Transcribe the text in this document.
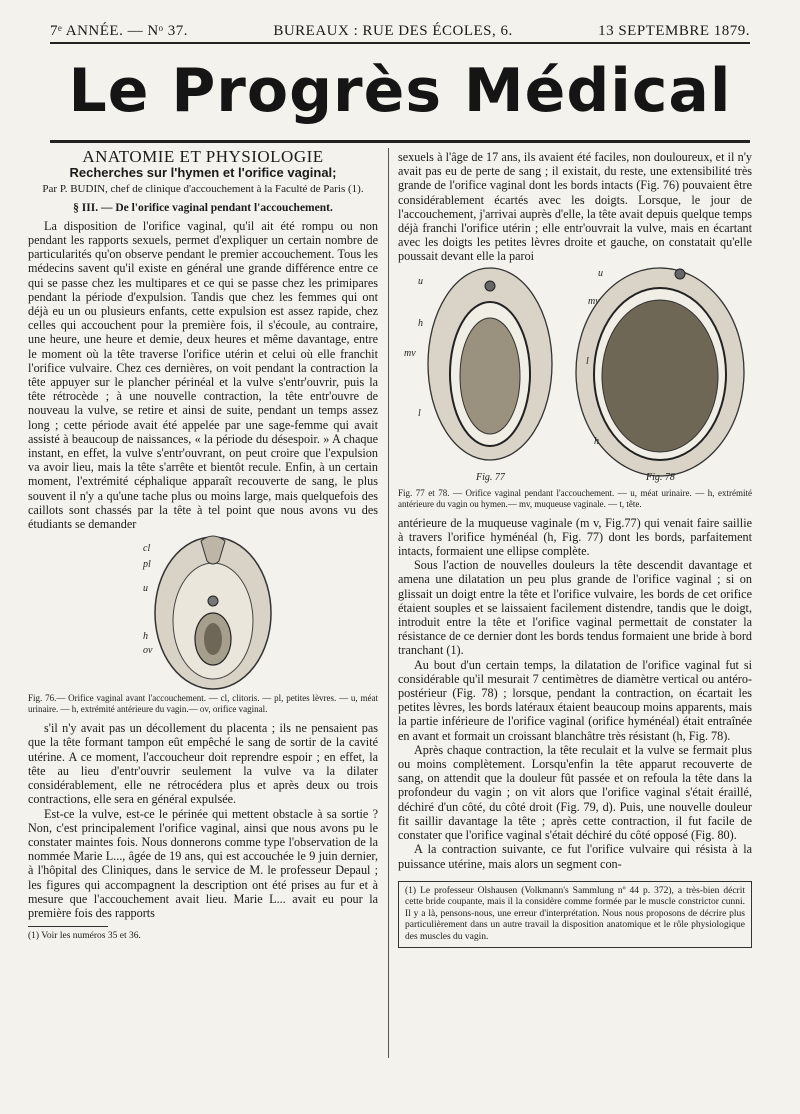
7ᵉ ANNÉE. — Nᵒ 37.	BUREAUX : RUE DES ÉCOLES, 6.	13 SEPTEMBRE 1879.
Le Progrès Médical
ANATOMIE ET PHYSIOLOGIE
Recherches sur l'hymen et l'orifice vaginal;
Par P. BUDIN, chef de clinique d'accouchement à la Faculté de Paris (1).
§ III. — De l'orifice vaginal pendant l'accouchement.

La disposition de l'orifice vaginal, qu'il ait été rompu ou non pendant les rapports sexuels, permet d'expliquer un certain nombre de particularités qu'on observe pendant le premier accouchement. Tous les médecins savent qu'il existe en général une grande différence entre ce qui se passe chez les multipares et ce qui se passe chez les primipares pendant la période d'expulsion. Tandis que chez les femmes qui ont déjà eu un ou plusieurs enfants, cette expulsion est assez rapide, chez celles qui accouchent pour la première fois, il s'écoule, au contraire, une heure, une heure et demie, deux heures et même davantage, entre le moment où la tête traverse l'orifice utérin et celui où elle franchit l'orifice vulvaire. Chez ces dernières, on voit pendant la contraction la tête appuyer sur le plancher périnéal et la vulve s'entr'ouvrir, puis la tête rétrocède ; à une nouvelle contraction, la tête entr'ouvre de nouveau la vulve, se retire et ainsi de suite, pendant un temps assez long ; cette période avait été appelée par une sage-femme qui avait assisté à beaucoup de naissances, « la période du désespoir. » A chaque instant, en effet, la vulve s'entr'ouvrant, on peut croire que l'expulsion va avoir lieu, mais la tête s'arrête et bientôt recule. Enfin, à un certain moment, l'extrémité céphalique apparaît recouverte de sang, le plus souvent il n'y a qu'une tache plus ou moins large, mais quelquefois des caillots sont chassés par la tête à tel point que nous avons vu des étudiants se demander

cl
pl
u
h
ov
Fig. 76.— Orifice vaginal avant l'accouchement. — cl, clitoris. — pl, petites lèvres. — u, méat urinaire. — h, extrémité antérieure du vagin.— ov, orifice vaginal.

s'il n'y avait pas un décollement du placenta ; ils ne pensaient pas que la tête formant tampon eût empêché le sang de sortir de la cavité utérine. A ce moment, l'accoucheur doit reprendre espoir ; en effet, la tête au lieu d'entr'ouvrir seulement la vulve va la dilater considérablement, elle ne rétrocédera plus et après deux ou trois contractions, elle sera en général expulsée.

Est-ce la vulve, est-ce le périnée qui mettent obstacle à sa sortie ? Non, c'est principalement l'orifice vaginal, ainsi que nous avons pu le constater maintes fois. Nous donnerons comme type l'observation de la nommée Marie L..., âgée de 19 ans, qui est accouchée le 9 juin dernier, à l'hôpital des Cliniques, dans le service de M. le professeur Depaul ; les figures qui accompagnent la description ont été prises au fur et à mesure que l'accouchement avait lieu. Marie L... avait eu pour la première fois des rapports

(1) Voir les numéros 35 et 36.

sexuels à l'âge de 17 ans, ils avaient été faciles, non douloureux, et il n'y avait pas eu de perte de sang ; il existait, du reste, une extensibilité très grande de l'orifice vaginal dont les bords intacts (Fig. 76) pouvaient être considérablement écartés avec les doigts. Lorsque, le jour de l'accouchement, j'arrivai auprès d'elle, la tête avait depuis quelque temps déjà franchi l'orifice utérin ; elle entr'ouvrait la vulve, mais en écartant avec les doigts les petites lèvres droite et gauche, on constatait qu'elle poussait devant elle la paroi

u
h
mv
l
Fig. 77
u
mv
l
h
Fig. 78
Fig. 77 et 78. — Orifice vaginal pendant l'accouchement. — u, méat urinaire. — h, extrémité antérieure du vagin ou hymen.— mv, muqueuse vaginale. — t, tête.

antérieure de la muqueuse vaginale (m v, Fig.77) qui venait faire saillie à travers l'orifice hyménéal (h, Fig. 77) dont les bords, parfaitement intacts, formaient une ellipse complète.

Sous l'action de nouvelles douleurs la tête descendit davantage et amena une dilatation un peu plus grande de l'orifice vaginal ; si on glissait un doigt entre la tête et l'orifice vulvaire, les bords de cet orifice étaient souples et se laissaient facilement distendre, tandis que le doigt, introduit entre la tête et l'orifice vaginal permettait de constater la résistance de ce dernier dont les bords tendus formaient une bride à bord tranchant (1).

Au bout d'un certain temps, la dilatation de l'orifice vaginal fut si considérable qu'il mesurait 7 centimètres de diamètre vertical ou antéro-postérieur (Fig. 78) ; lorsque, pendant la contraction, on écartait les petites lèvres, les bords latéraux étaient beaucoup moins apparents, mais la partie inférieure de l'orifice vaginal (orifice hyménéal) était entraînée en avant et formait un croissant blanchâtre très résistant (h, Fig. 78).

Après chaque contraction, la tête reculait et la vulve se fermait plus ou moins complètement. Lorsqu'enfin la tête apparut recouverte de sang, on attendit que la douleur fût passée et on refoula la tête dans la profondeur du vagin ; on vit alors que l'orifice vaginal s'était éraillé, déchiré d'un côté, du côté droit (Fig. 79, d). Puis, une nouvelle douleur fit saillir davantage la tête ; après cette contraction, il fut facile de constater que l'orifice vaginal s'était déchiré du côté opposé (Fig. 80).

A la contraction suivante, ce fut l'orifice vulvaire qui résista à la puissance utérine, mais alors un segment con-

(1) Le professeur Olshausen (Volkmann's Sammlung nº 44 p. 372), a très-bien décrit cette bride coupante, mais il la considère comme formée par le muscle constrictor cunni. Il y a là, pensons-nous, une erreur d'interprétation. Nous nous proposons de décrire plus particulièrement dans un autre travail la disposition anatomique et le rôle physiologique des muscles du vagin.
